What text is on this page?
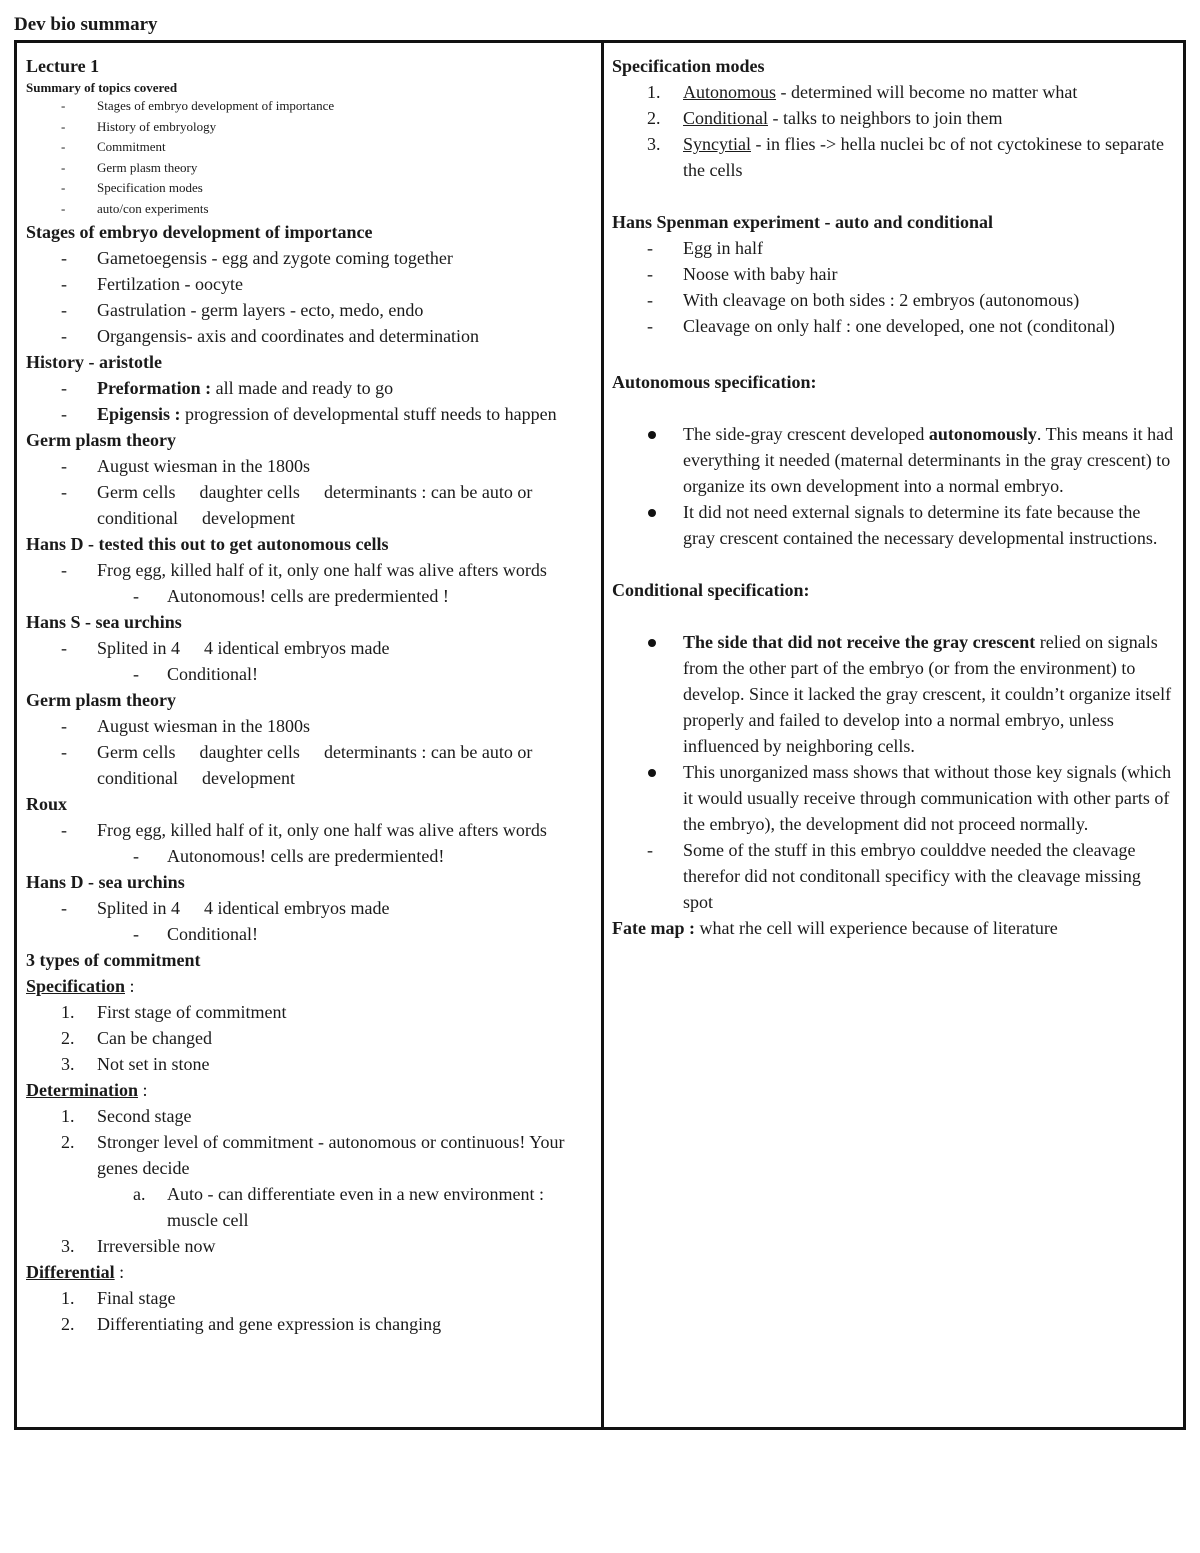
Dev bio summary

Lecture 1

Summary of topics covered

- Stages of embryo development of importance
- History of embryology
- Commitment
- Germ plasm theory
- Specification modes
- auto/con experiments

Stages of embryo development of importance

- Gametoegensis - egg and zygote coming together
- Fertilzation - oocyte
- Gastrulation - germ layers - ecto, medo, endo
- Organgensis- axis and coordinates and determination

History - aristotle

- Preformation : all made and ready to go
- Epigensis : progression of developmental stuff needs to happen

Germ plasm theory

- August wiesman in the 1800s
- Germ cells daughter cells determinants : can be auto or conditional development

Hans D - tested this out to get autonomous cells

- Frog egg, killed half of it, only one half was alive afters words
- Autonomous! cells are predermiented !

Hans S - sea urchins

- Splited in 4 4 identical embryos made
- Conditional!

Germ plasm theory

- August wiesman in the 1800s
- Germ cells daughter cells determinants : can be auto or conditional development

Roux

- Frog egg, killed half of it, only one half was alive afters words
- Autonomous! cells are predermiented!

Hans D - sea urchins

- Splited in 4 4 identical embryos made
- Conditional!

3 types of commitment

Specification :

1. First stage of commitment
2. Can be changed
3. Not set in stone

Determination :

1. Second stage
2. Stronger level of commitment - autonomous or continuous! Your genes decide
a. Auto - can differentiate even in a new environment : muscle cell
3. Irreversible now

Differential :

1. Final stage
2. Differentiating and gene expression is changing

Specification modes

1. Autonomous - determined will become no matter what
2. Conditional - talks to neighbors to join them
3. Syncytial - in flies -> hella nuclei bc of not cyctokinese to separate the cells

Hans Spenman experiment - auto and conditional

- Egg in half
- Noose with baby hair
- With cleavage on both sides : 2 embryos (autonomous)
- Cleavage on only half : one developed, one not (conditonal)

Autonomous specification:

The side-gray crescent developed autonomously. This means it had everything it needed (maternal determinants in the gray crescent) to organize its own development into a normal embryo.
It did not need external signals to determine its fate because the gray crescent contained the necessary developmental instructions.

Conditional specification:

The side that did not receive the gray crescent relied on signals from the other part of the embryo (or from the environment) to develop. Since it lacked the gray crescent, it couldn’t organize itself properly and failed to develop into a normal embryo, unless influenced by neighboring cells.
This unorganized mass shows that without those key signals (which it would usually receive through communication with other parts of the embryo), the development did not proceed normally.
- Some of the stuff in this embryo coulddve needed the cleavage therefor did not conditonall specificy with the cleavage missing spot

Fate map : what rhe cell will experience because of literature
